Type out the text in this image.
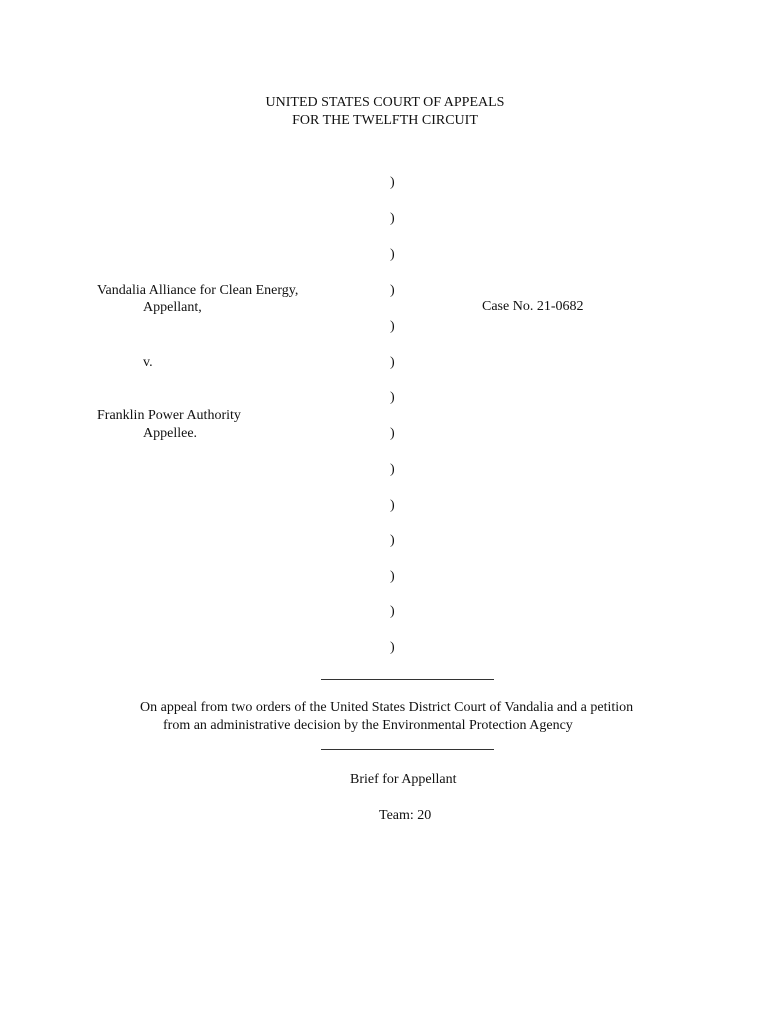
UNITED STATES COURT OF APPEALS
FOR THE TWELFTH CIRCUIT
)
)
)
)
)
)
)
)
)
)
)
)
)
)
Vandalia Alliance for Clean Energy,
Appellant,
v.
Franklin Power Authority
Appellee.
Case No. 21-0682
On appeal from two orders of the United States District Court of Vandalia and a petition
from an administrative decision by the Environmental Protection Agency
Brief for Appellant
Team: 20
